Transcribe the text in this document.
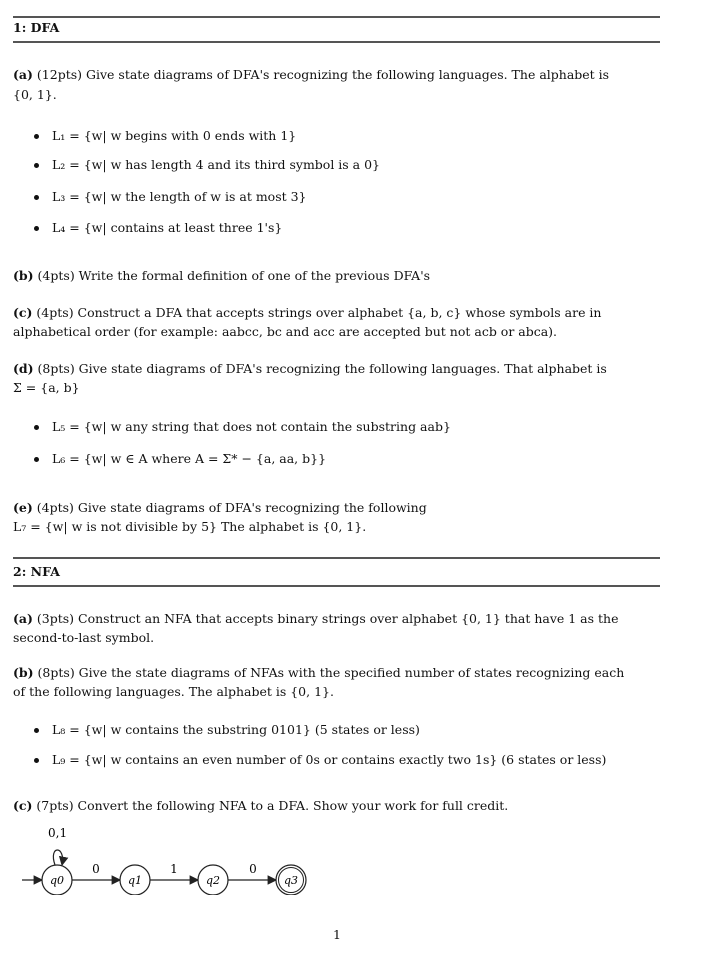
1: DFA
(a) (12pts) Give state diagrams of DFA's recognizing the following languages. The alphabet is
{0, 1}.
L₁ = {w| w begins with 0 ends with 1}
L₂ = {w| w has length 4 and its third symbol is a 0}
L₃ = {w| w the length of w is at most 3}
L₄ = {w| contains at least three 1's}
(b) (4pts) Write the formal definition of one of the previous DFA's
(c) (4pts) Construct a DFA that accepts strings over alphabet {a, b, c} whose symbols are in
alphabetical order (for example: aabcc, bc and acc are accepted but not acb or abca).
(d) (8pts) Give state diagrams of DFA's recognizing the following languages. That alphabet is
Σ = {a, b}
L₅ = {w| w any string that does not contain the substring aab}
L₆ = {w| w ∈ A where A = Σ* − {a, aa, b}}
(e) (4pts) Give state diagrams of DFA's recognizing the following
L₇ = {w| w is not divisible by 5} The alphabet is {0, 1}.
2: NFA
(a) (3pts) Construct an NFA that accepts binary strings over alphabet {0, 1} that have 1 as the
second-to-last symbol.
(b) (8pts) Give the state diagrams of NFAs with the specified number of states recognizing each
of the following languages. The alphabet is {0, 1}.
L₈ = {w| w contains the substring 0101} (5 states or less)
L₉ = {w| w contains an even number of 0s or contains exactly two 1s} (6 states or less)
(c) (7pts) Convert the following NFA to a DFA. Show your work for full credit.
0,1
q0
0
q1
1
q2
0
q3
1
